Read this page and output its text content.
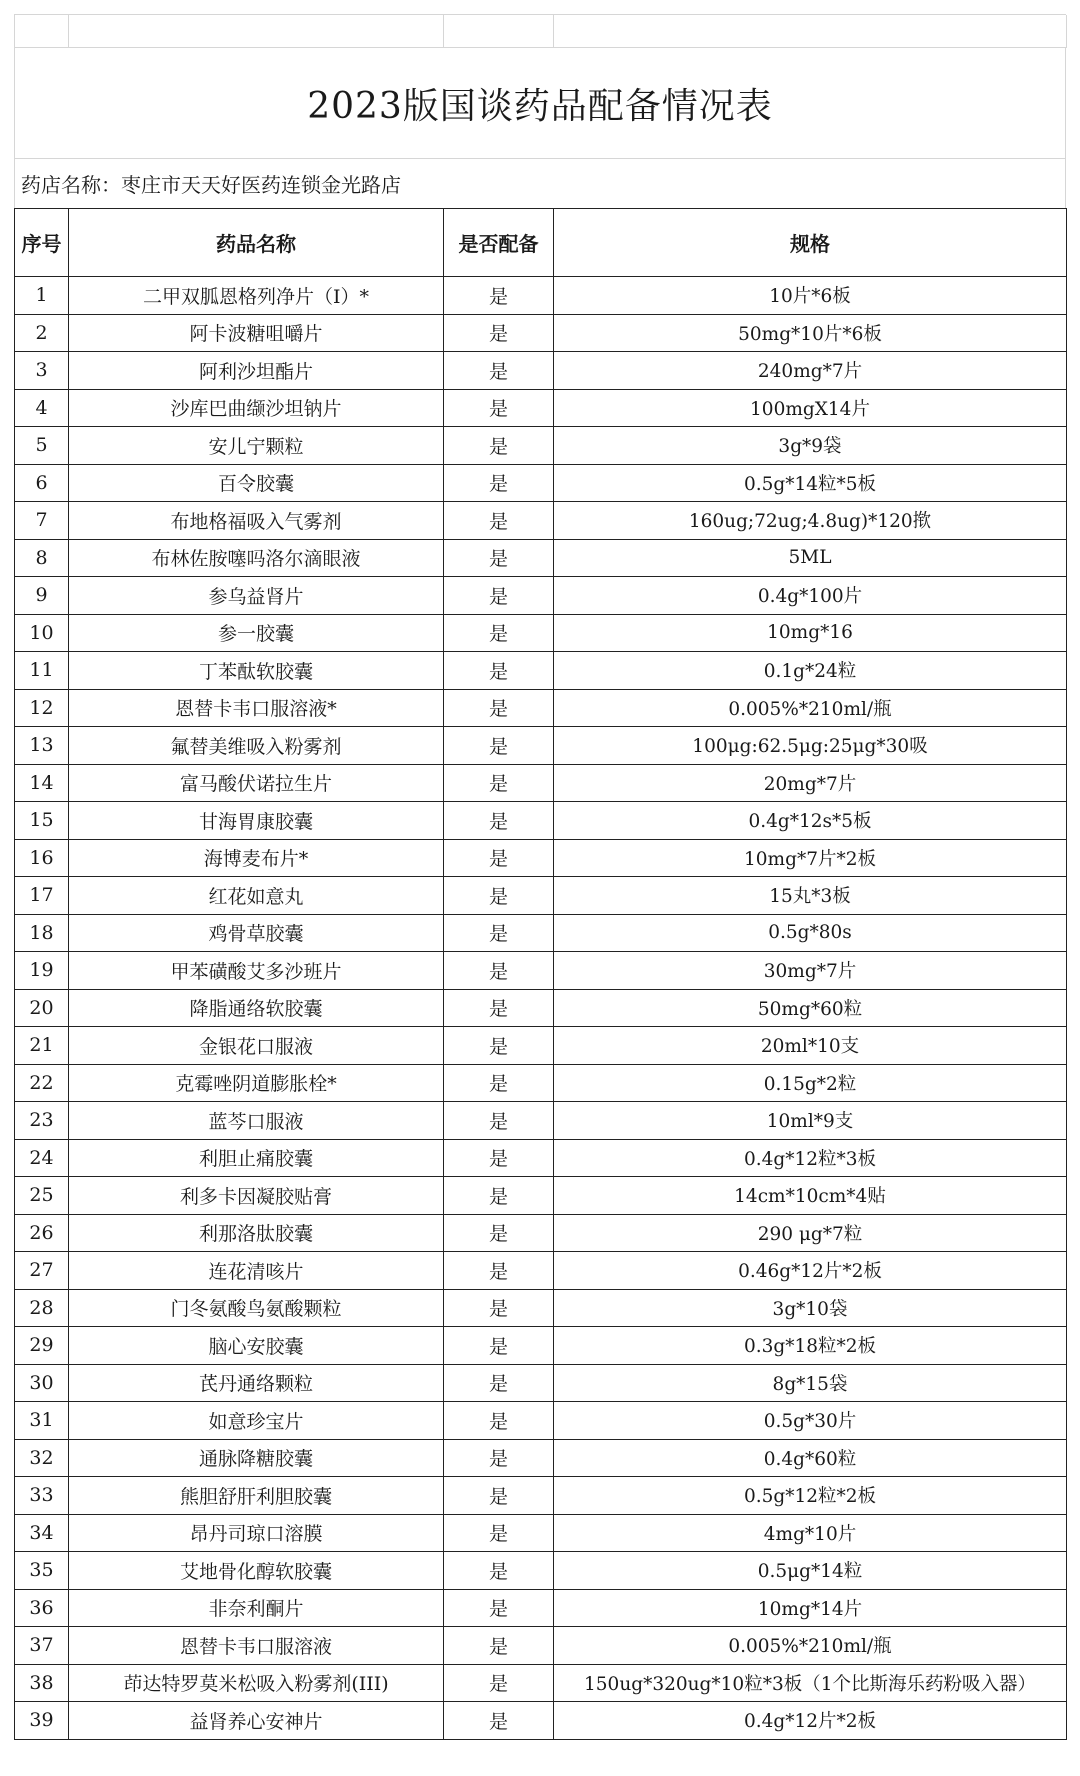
2023版国谈药品配备情况表
药店名称：枣庄市天天好医药连锁金光路店
序号	药品名称	是否配备	规格
1	二甲双胍恩格列净片（Ⅰ）*	是	10片*6板
2	阿卡波糖咀嚼片	是	50mg*10片*6板
3	阿利沙坦酯片	是	240mg*7片
4	沙库巴曲缬沙坦钠片	是	100mgX14片
5	安儿宁颗粒	是	3g*9袋
6	百令胶囊	是	0.5g*14粒*5板
7	布地格福吸入气雾剂	是	160ug;72ug;4.8ug)*120揿
8	布林佐胺噻吗洛尔滴眼液	是	5ML
9	参乌益肾片	是	0.4g*100片
10	参一胶囊	是	10mg*16
11	丁苯酞软胶囊	是	0.1g*24粒
12	恩替卡韦口服溶液*	是	0.005%*210ml/瓶
13	氟替美维吸入粉雾剂	是	100μg:62.5μg:25μg*30吸
14	富马酸伏诺拉生片	是	20mg*7片
15	甘海胃康胶囊	是	0.4g*12s*5板
16	海博麦布片*	是	10mg*7片*2板
17	红花如意丸	是	15丸*3板
18	鸡骨草胶囊	是	0.5g*80s
19	甲苯磺酸艾多沙班片	是	30mg*7片
20	降脂通络软胶囊	是	50mg*60粒
21	金银花口服液	是	20ml*10支
22	克霉唑阴道膨胀栓*	是	0.15g*2粒
23	蓝芩口服液	是	10ml*9支
24	利胆止痛胶囊	是	0.4g*12粒*3板
25	利多卡因凝胶贴膏	是	14cm*10cm*4贴
26	利那洛肽胶囊	是	290 μg*7粒
27	连花清咳片	是	0.46g*12片*2板
28	门冬氨酸鸟氨酸颗粒	是	3g*10袋
29	脑心安胶囊	是	0.3g*18粒*2板
30	芪丹通络颗粒	是	8g*15袋
31	如意珍宝片	是	0.5g*30片
32	通脉降糖胶囊	是	0.4g*60粒
33	熊胆舒肝利胆胶囊	是	0.5g*12粒*2板
34	昂丹司琼口溶膜	是	4mg*10片
35	艾地骨化醇软胶囊	是	0.5μg*14粒
36	非奈利酮片	是	10mg*14片
37	恩替卡韦口服溶液	是	0.005%*210ml/瓶
38	茚达特罗莫米松吸入粉雾剂(III)	是	150ug*320ug*10粒*3板（1个比斯海乐药粉吸入器）
39	益肾养心安神片	是	0.4g*12片*2板
